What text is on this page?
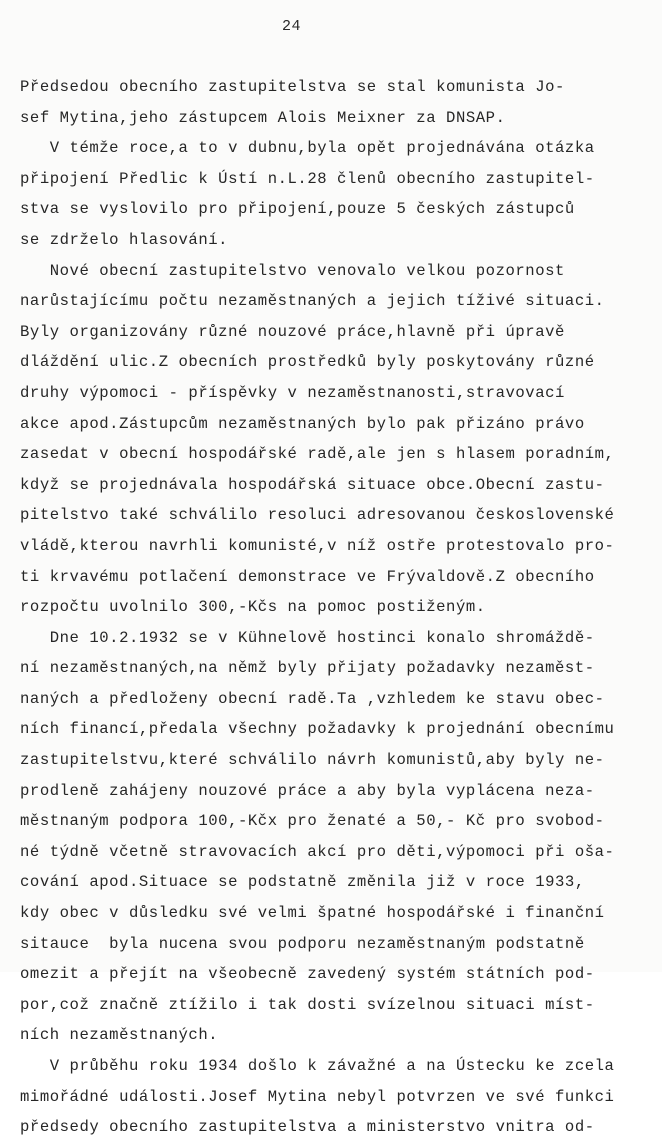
24
Předsedou obecního zastupitelstva se stal komunista Jo-
sef Mytina,jeho zástupcem Alois Meixner za DNSAP.
V témže roce,a to v dubnu,byla opět projednávána otázka
připojení Předlic k Ústí n.L.28 členů obecního zastupitel-
stva se vyslovilo pro připojení,pouze 5 českých zástupců
se zdrželo hlasování.
Nové obecní zastupitelstvo venovalo velkou pozornost
narůstajícímu počtu nezaměstnaných a jejich tíživé situaci.
Byly organizovány různé nouzové práce,hlavně při úpravě
dláždění ulic.Z obecních prostředků byly poskytovány různé
druhy výpomoci - příspěvky v nezaměstnanosti,stravovací
akce apod.Zástupcům nezaměstnaných bylo pak přizáno právo
zasedat v obecní hospodářské radě,ale jen s hlasem poradním,
když se projednávala hospodářská situace obce.Obecní zastu-
pitelstvo také schválilo resoluci adresovanou československé
vládě,kterou navrhli komunisté,v níž ostře protestovalo pro-
ti krvavému potlačení demonstrace ve Frývaldově.Z obecního
rozpočtu uvolnilo 300,-Kčs na pomoc postiženým.
Dne 10.2.1932 se v Kühnelově hostinci konalo shromáždě-
ní nezaměstnaných,na němž byly přijaty požadavky nezaměst-
naných a předloženy obecní radě.Ta ,vzhledem ke stavu obec-
ních financí,předala všechny požadavky k projednání obecnímu
zastupitelstvu,které schválilo návrh komunistů,aby byly ne-
prodleně zahájeny nouzové práce a aby byla vyplácena neza-
městnaným podpora 100,-Kčx pro ženaté a 50,- Kč pro svobod-
né týdně včetně stravovacích akcí pro děti,výpomoci při oša-
cování apod.Situace se podstatně změnila již v roce 1933,
kdy obec v důsledku své velmi špatné hospodářské i finanční
sitauce  byla nucena svou podporu nezaměstnaným podstatně
omezit a přejít na všeobecně zavedený systém státních pod-
por,což značně ztížilo i tak dosti svízelnou situaci míst-
ních nezaměstnaných.
V průběhu roku 1934 došlo k závažné a na Ústecku ke zcela
mimořádné události.Josef Mytina nebyl potvrzen ve své funkci
předsedy obecního zastupitelstva a ministerstvo vnitra od-
